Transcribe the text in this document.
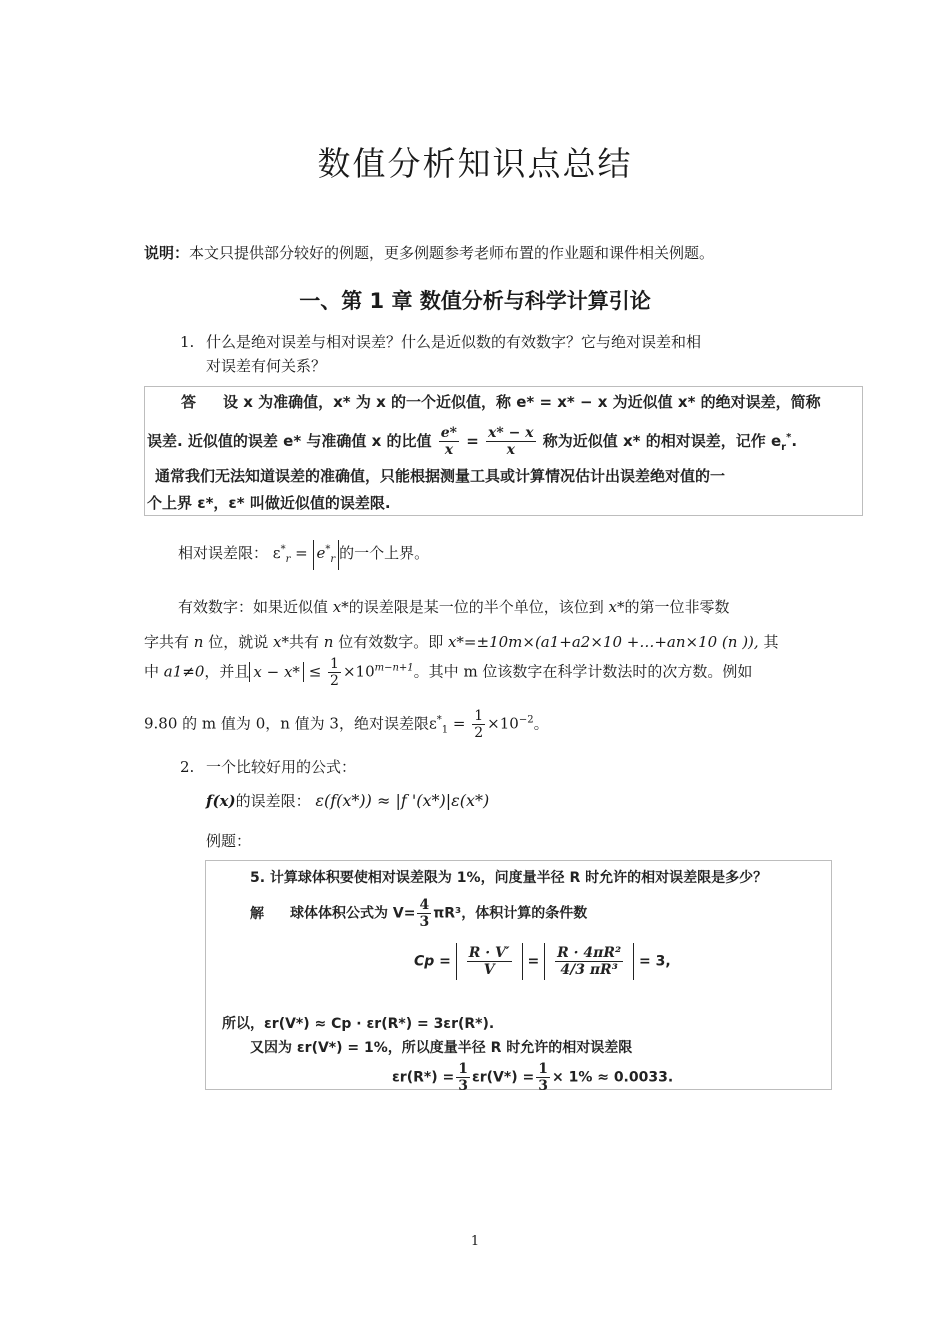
数值分析知识点总结
说明：本文只提供部分较好的例题，更多例题参考老师布置的作业题和课件相关例题。
一、第 1 章 数值分析与科学计算引论
1. 什么是绝对误差与相对误差？什么是近似数的有效数字？它与绝对误差和相
对误差有何关系？
答 设 x 为准确值，x* 为 x 的一个近似值，称 e* = x* − x 为近似值 x* 的绝对误差，简称
误差. 近似值的误差 e* 与准确值 x 的比值 $\frac{e*}{x} = \frac{x* - x}{x}$ 称为近似值 x* 的相对误差，记作 $e_r^*$.
通常我们无法知道误差的准确值，只能根据测量工具或计算情况估计出误差绝对值的一
个上界 ε*，ε* 叫做近似值的误差限.
相对误差限： $\varepsilon^*_r = e^*_r$ 的一个上界。
有效数字：如果近似值 x*的误差限是某一位的半个单位，该位到 x*的第一位非零数
字共有 n 位，就说 x*共有 n 位有效数字。即 x*=±10m×(a1+a2×10 +…+an×10 (n )), 其
中 a1≠0，并且 $x - x* \le \frac{1}{2} \times 10^{m-n+1}$。其中 m 位该数字在科学计数法时的次方数。例如
9.80 的 m 值为 0，n 值为 3，绝对误差限$\varepsilon^*_1 = \frac{1}{2} \times 10^{-2}$。
2. 一个比较好用的公式：
f(x)的误差限： ε(f(x*)) ≈ |f '(x*)|ε(x*)
例题：
5. 计算球体积要使相对误差限为 1%，问度量半径 R 时允许的相对误差限是多少？
解 球体体积公式为 $V= \frac{4}{3} \pi R^3$，体积计算的条件数
$Cp = \frac{R \cdot V'}{V} = \frac{\text{R · 4πR²}}{\text{4/3 πR³}} = 3$,
所以，εr(V*) ≈ Cp · εr(R*) = 3εr(R*).
又因为 εr(V*) = 1%，所以度量半径 R 时允许的相对误差限
$\varepsilon r(R*) = \frac{1}{3} \varepsilon r(V*) = \frac{1}{3} \times 1\% \approx 0.0033$.
1
